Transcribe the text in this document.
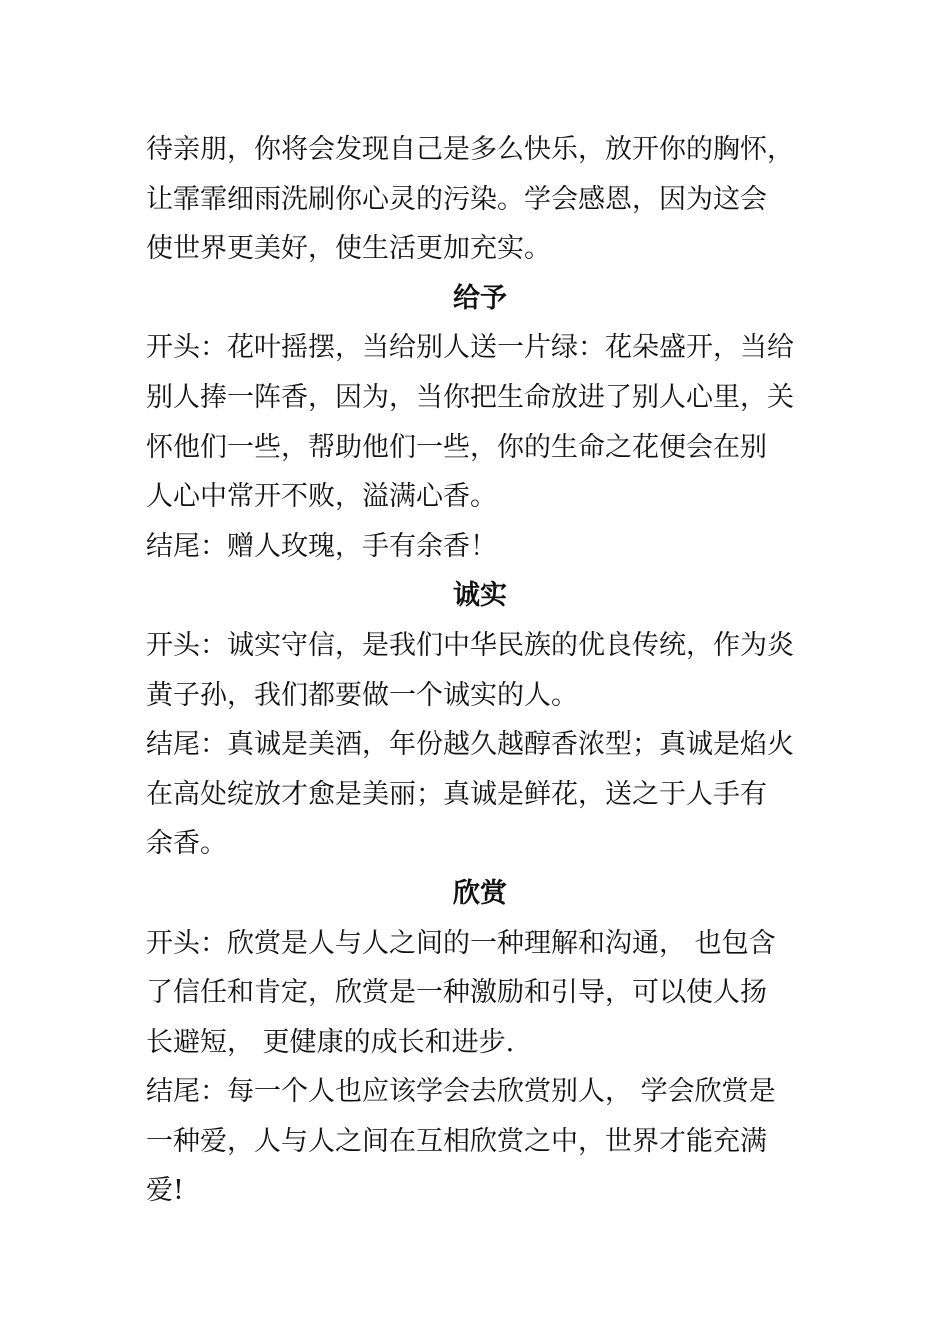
待亲朋，你将会发现自己是多么快乐，放开你的胸怀，
让霏霏细雨洗刷你心灵的污染。学会感恩，因为这会
使世界更美好，使生活更加充实。
给予
开头：花叶摇摆，当给别人送一片绿：花朵盛开，当给
别人捧一阵香，因为，当你把生命放进了别人心里，关
怀他们一些，帮助他们一些，你的生命之花便会在别
人心中常开不败，溢满心香。
结尾：赠人玫瑰，手有余香！
诚实
开头：诚实守信，是我们中华民族的优良传统，作为炎
黄子孙，我们都要做一个诚实的人。
结尾：真诚是美酒，年份越久越醇香浓型；真诚是焰火
在高处绽放才愈是美丽；真诚是鲜花，送之于人手有
余香。
欣赏
开头：欣赏是人与人之间的一种理解和沟通， 也包含
了信任和肯定，欣赏是一种激励和引导，可以使人扬
长避短， 更健康的成长和进步.
结尾：每一个人也应该学会去欣赏别人， 学会欣赏是
一种爱，人与人之间在互相欣赏之中，世界才能充满
爱!
